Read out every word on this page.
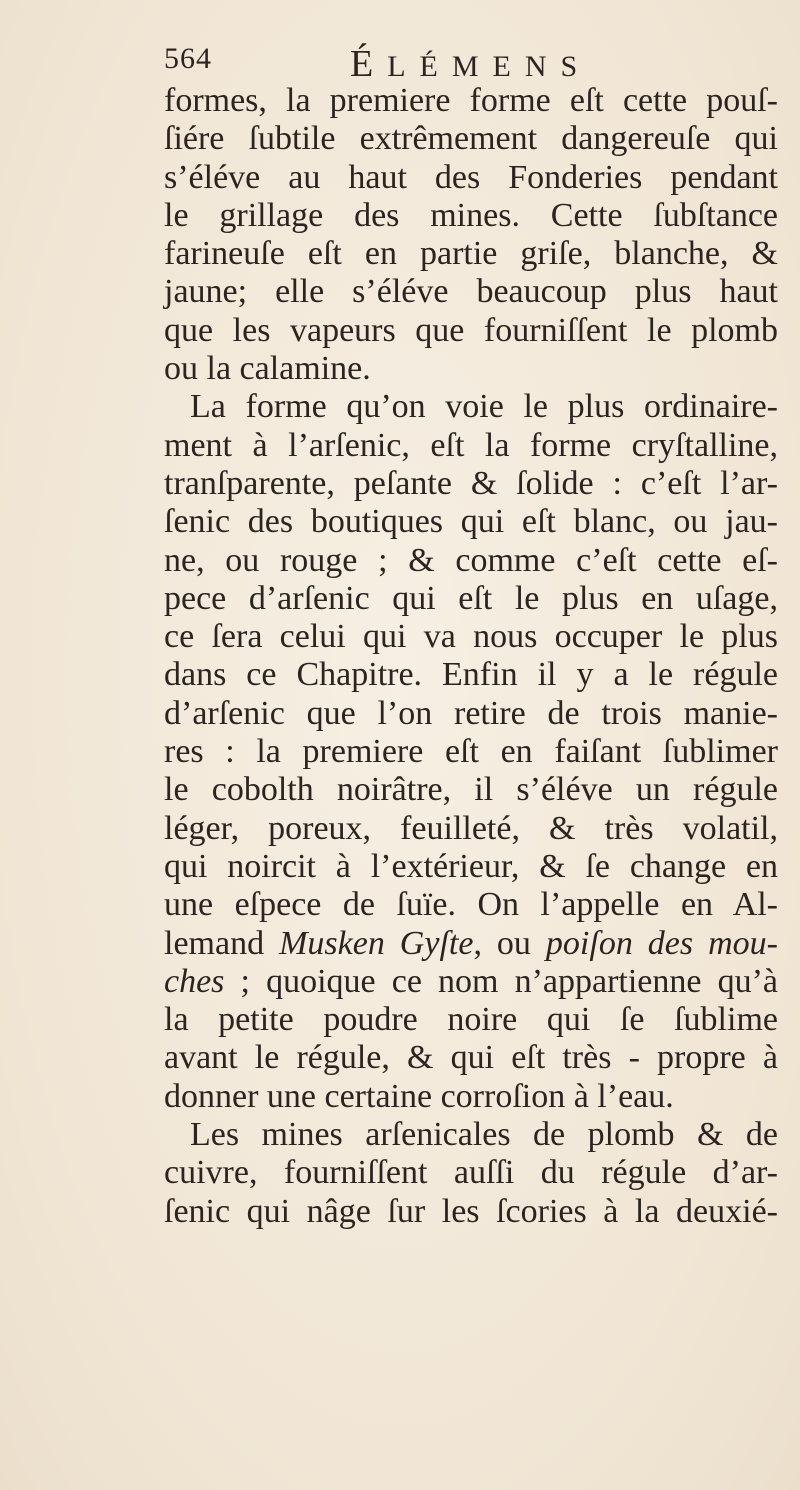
564	ÉLÉMENS
formes, la premiere forme eſt cette pouſ-
ſiére ſubtile extrêmement dangereuſe qui
s’éléve au haut des Fonderies pendant
le grillage des mines. Cette ſubſtance
farineuſe eſt en partie griſe, blanche, &
jaune; elle s’éléve beaucoup plus haut
que les vapeurs que fourniſſent le plomb
ou la calamine.
La forme qu’on voie le plus ordinaire-
ment à l’arſenic, eſt la forme cryſtalline,
tranſparente, peſante & ſolide : c’eſt l’ar-
ſenic des boutiques qui eſt blanc, ou jau-
ne, ou rouge ; & comme c’eſt cette eſ-
pece d’arſenic qui eſt le plus en uſage,
ce ſera celui qui va nous occuper le plus
dans ce Chapitre. Enfin il y a le régule
d’arſenic que l’on retire de trois manie-
res : la premiere eſt en faiſant ſublimer
le cobolth noirâtre, il s’éléve un régule
léger, poreux, feuilleté, & très volatil,
qui noircit à l’extérieur, & ſe change en
une eſpece de ſuïe. On l’appelle en Al-
lemand Musken Gyſte, ou poiſon des mou-
ches ; quoique ce nom n’appartienne qu’à
la petite poudre noire qui ſe ſublime
avant le régule, & qui eſt très - propre à
donner une certaine corroſion à l’eau.
Les mines arſenicales de plomb & de
cuivre, fourniſſent auſſi du régule d’ar-
ſenic qui nâge ſur les ſcories à la deuxié-
